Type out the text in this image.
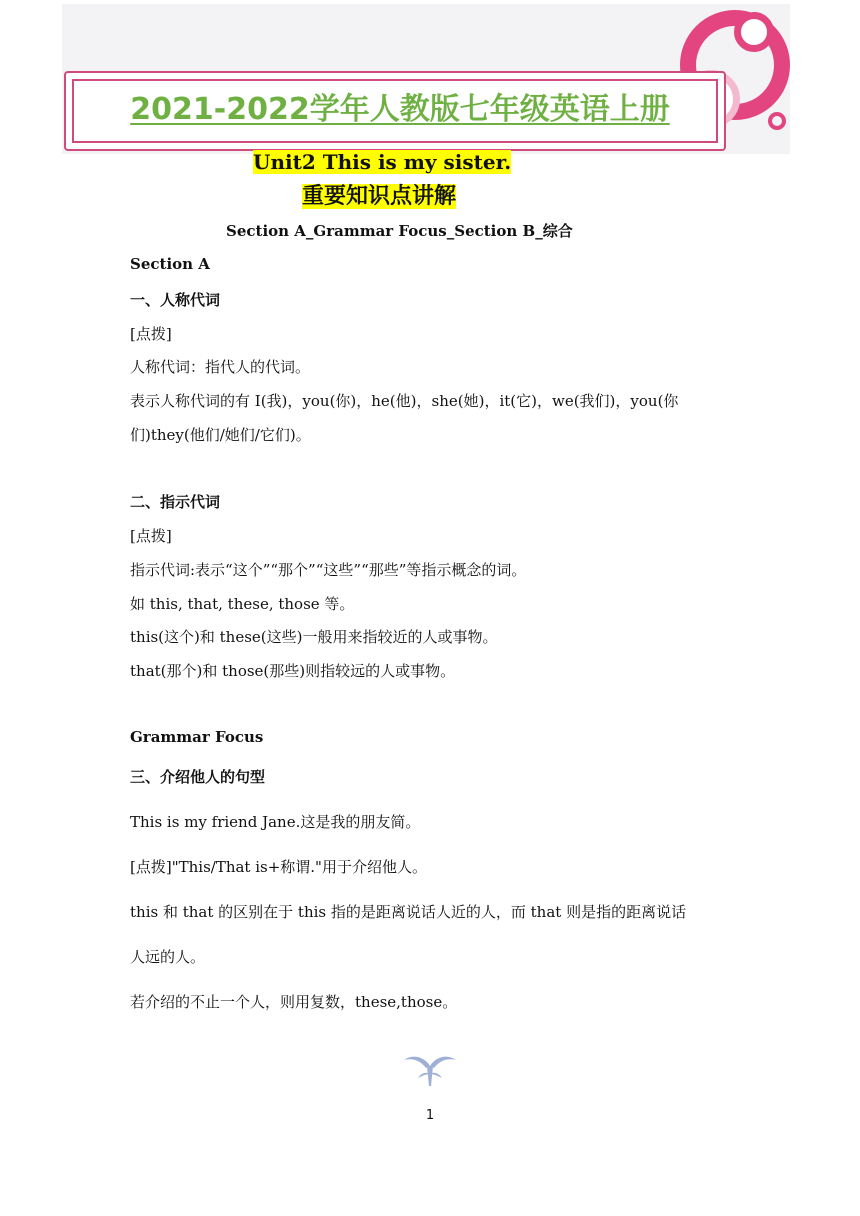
2021-2022学年人教版七年级英语上册
Unit2 This is my sister.
重要知识点讲解
Section A_Grammar Focus_Section B_综合
Section A
一、人称代词
[点拨]
人称代词：指代人的代词。
表示人称代词的有 I(我)，you(你)，he(他)，she(她)，it(它)，we(我们)，you(你
们)they(他们/她们/它们)。
二、指示代词
[点拨]
指示代词:表示“这个”“那个”“这些”“那些”等指示概念的词。
如 this, that, these, those 等。
this(这个)和 these(这些)一般用来指较近的人或事物。
that(那个)和 those(那些)则指较远的人或事物。
Grammar Focus
三、介绍他人的句型
This is my friend Jane.这是我的朋友简。
[点拨]"This/That is+称谓."用于介绍他人。
this 和 that 的区别在于 this 指的是距离说话人近的人，而 that 则是指的距离说话
人远的人。
若介绍的不止一个人，则用复数，these,those。
1
